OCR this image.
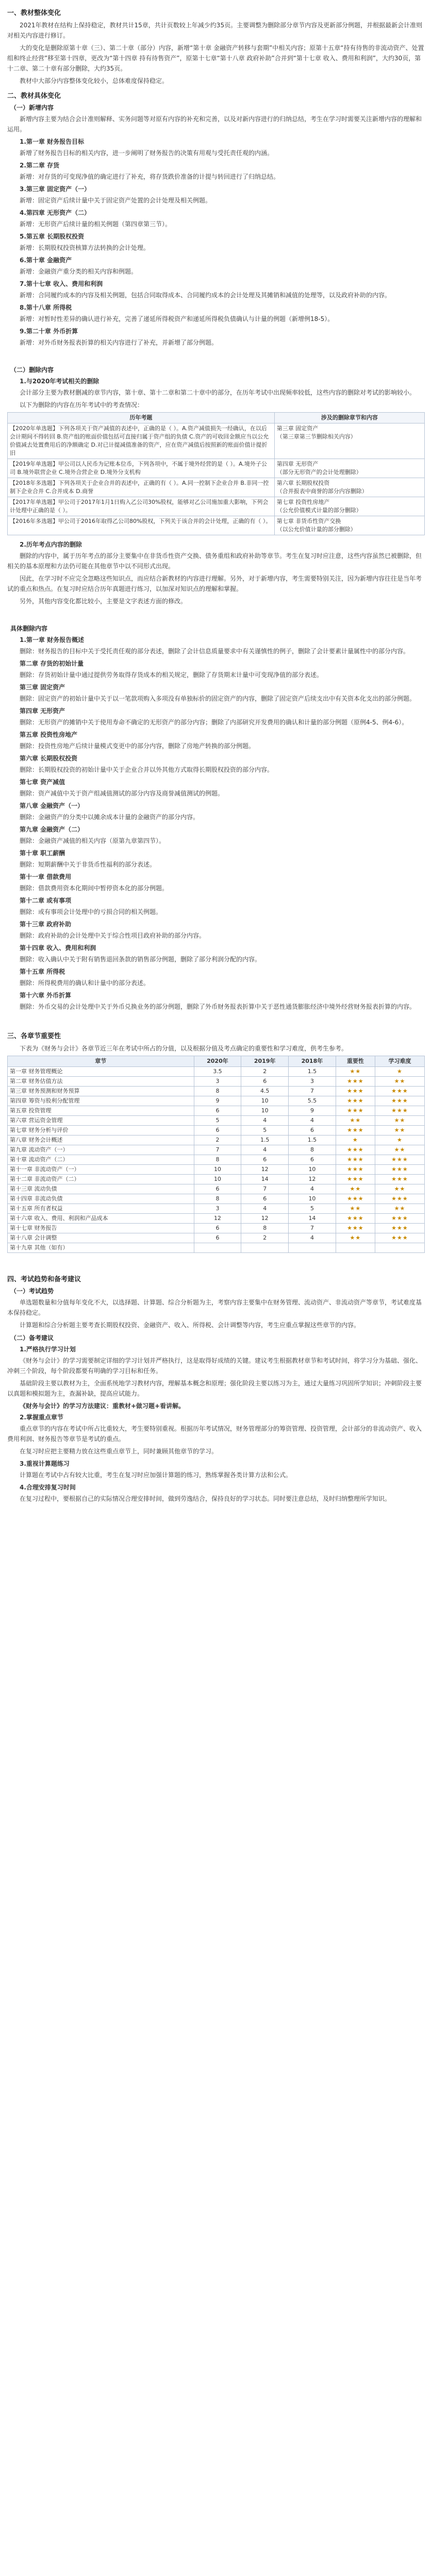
一、教材整体变化

2021年教材在结构上保持稳定，教材共计15章，共计页数较上年减少约35页。主要调整为删除部分章节内容及更新部分例题，并根据最新会计准则对相关内容进行修订。

大的变化是删除原第十章（三）、第二十章（部分）内容，新增“第十章 金融资产转移与套期”中相关内容；原第十五章“持有待售的非流动资产、处置组和终止经营”移至第十四章，更改为“第十四章 持有待售资产”，原第十七章“第十八章 政府补助”合并到“第十七章 收入、费用和利润”，大约30页，第十二章、第二十章有部分删除，大约35页。

教材中大部分内容整体变化较小，总体难度保持稳定。

二、教材具体变化
（一）新增内容

新增内容主要为结合会计准则解释、实务问题等对原有内容的补充和完善，以及对新内容进行的归纳总结，考生在学习时需要关注新增内容的理解和运用。

1.第一章 财务报告目标

新增了财务报告目标的相关内容，进一步阐明了财务报告的决策有用观与受托责任观的内涵。

2.第二章 存货

新增：对存货的可变现净值的确定进行了补充，将存货跌价准备的计提与转回进行了归纳总结。

3.第三章 固定资产（一）

新增：固定资产后续计量中关于固定资产处置的会计处理及相关例题。

4.第四章 无形资产（二）

新增：无形资产后续计量的相关例题（第四章第三节）。

5.第五章 长期股权投资

新增：长期股权投资核算方法转换的会计处理。

6.第十章 金融资产

新增：金融资产重分类的相关内容和例题。

7.第十七章 收入、费用和利润

新增：合同履约成本的内容及相关例题，包括合同取得成本、合同履约成本的会计处理及其摊销和减值的处理等，以及政府补助的内容。

8.第十八章 所得税

新增：对暂时性差异的确认进行补充，完善了递延所得税资产和递延所得税负债确认与计量的例题（新增例18-5）。

9.第二十章 外币折算

新增：对外币财务报表折算的相关内容进行了补充，并新增了部分例题。

（二）删除内容
1.与2020年考试相关的删除

会计部分主要为教材删减的章节内容，第十章、第十二章和第二十章中的部分，在历年考试中出现频率较低，这些内容的删除对考试的影响较小。

以下为删除的内容在历年考试中的考查情况：

历年考题	涉及的删除章节和内容
【2020年单选题】下列各项关于资产减值的表述中，正确的是（ ）。A.资产减值损失一经确认，在以后会计期间不得转回 B.资产组的账面价值包括可直接归属于资产组的负债 C.资产的可收回金额应当以公允价值减去处置费用后的净额确定 D.对已计提减值准备的资产，应在资产减值后按照新的账面价值计提折旧	第三章 固定资产
（第三章第三节删除相关内容）
【2019年单选题】甲公司以人民币为记账本位币，下列各项中，不属于境外经营的是（ ）。A.境外子公司 B.境外联营企业 C.境外合营企业 D.境外分支机构	第四章 无形资产
（部分无形资产的会计处理删除）
【2018年多选题】下列各项关于企业合并的表述中，正确的有（ ）。A.同一控制下企业合并 B.非同一控制下企业合并 C.合并成本 D.商誉	第六章 长期股权投资
（合并报表中商誉的部分内容删除）
【2017年单选题】甲公司于2017年1月1日购入乙公司30%股权，能够对乙公司施加重大影响，下列会计处理中正确的是（ ）。	第七章 投资性房地产
（公允价值模式计量的部分删除）
【2016年多选题】甲公司于2016年取得乙公司80%股权，下列关于该合并的会计处理，正确的有（ ）。	第七章 非货币性资产交换
（以公允价值计量的部分删除）
2.历年考点内容的删除

删除的内容中，属于历年考点的部分主要集中在非货币性资产交换、债务重组和政府补助等章节。考生在复习时应注意，这些内容虽然已被删除，但相关的基本原理和方法仍可能在其他章节中以不同形式出现。

因此，在学习时不应完全忽略这些知识点，而应结合新教材的内容进行理解。另外，对于新增内容，考生需要特别关注，因为新增内容往往是当年考试的重点和热点。在复习时应结合历年真题进行练习，以加深对知识点的理解和掌握。

另外，其他内容变化都比较小，主要是文字表述方面的修改。

具体删除内容
1.第一章 财务报告概述

删除：财务报告的目标中关于受托责任观的部分表述，删除了会计信息质量要求中有关谨慎性的例子，删除了会计要素计量属性中的部分内容。

第二章 存货的初始计量

删除：存货初始计量中通过提供劳务取得存货成本的相关规定，删除了存货期末计量中可变现净值的部分表述。

第三章 固定资产

删除：固定资产的初始计量中关于以一笔款项购入多项没有单独标价的固定资产的内容，删除了固定资产后续支出中有关资本化支出的部分例题。

第四章 无形资产

删除：无形资产的摊销中关于使用寿命不确定的无形资产的部分内容；删除了内部研究开发费用的确认和计量的部分例题（原例4-5、例4-6）。

第五章 投资性房地产

删除：投资性房地产后续计量模式变更中的部分内容，删除了房地产转换的部分例题。

第六章 长期股权投资

删除：长期股权投资的初始计量中关于企业合并以外其他方式取得长期股权投资的部分内容。

第七章 资产减值

删除：资产减值中关于资产组减值测试的部分内容及商誉减值测试的例题。

第八章 金融资产（一）

删除：金融资产的分类中以摊余成本计量的金融资产的部分内容。

第九章 金融资产（二）

删除：金融资产减值的相关内容（原第九章第四节）。

第十章 职工薪酬

删除：短期薪酬中关于非货币性福利的部分表述。

第十一章 借款费用

删除：借款费用资本化期间中暂停资本化的部分例题。

第十二章 或有事项

删除：或有事项会计处理中的亏损合同的相关例题。

第十三章 政府补助

删除：政府补助的会计处理中关于综合性项目政府补助的部分内容。

第十四章 收入、费用和利润

删除：收入确认中关于附有销售退回条款的销售部分例题，删除了部分利润分配的内容。

第十五章 所得税

删除：所得税费用的确认和计量中的部分表述。

第十六章 外币折算

删除：外币交易的会计处理中关于外币兑换业务的部分例题，删除了外币财务报表折算中关于恶性通货膨胀经济中境外经营财务报表折算的内容。

三、各章节重要性

下表为《财务与会计》各章节近三年在考试中所占的分值，以及根据分值及考点确定的重要性和学习难度，供考生参考。

章节	2020年	2019年	2018年	重要性	学习难度
第一章 财务管理概论	3.5	2	1.5	★★	★
第二章 财务估值方法	3	6	3	★★★	★★
第三章 财务预测和财务预算	8	4.5	7	★★★	★★★
第四章 筹资与股利分配管理	9	10	5.5	★★★	★★★
第五章 投资管理	6	10	9	★★★	★★★
第六章 营运资金管理	5	4	4	★★	★★
第七章 财务分析与评价	6	5	6	★★★	★★
第八章 财务会计概述	2	1.5	1.5	★	★
第九章 流动资产（一）	7	4	8	★★★	★★
第十章 流动资产（二）	8	6	6	★★★	★★★
第十一章 非流动资产（一）	10	12	10	★★★	★★★
第十二章 非流动资产（二）	10	14	12	★★★	★★★
第十三章 流动负债	6	7	4	★★	★★
第十四章 非流动负债	8	6	10	★★★	★★★
第十五章 所有者权益	3	4	5	★★	★★
第十六章 收入、费用、利润和产品成本	12	12	14	★★★	★★★
第十七章 财务报告	6	8	7	★★★	★★★
第十八章 会计调整	6	2	4	★★	★★★
第十九章 其他（如有）					
四、考试趋势和备考建议
（一）考试趋势

单选题数量和分值每年变化不大，以选择题、计算题、综合分析题为主，考察内容主要集中在财务管理、流动资产、非流动资产等章节，考试难度基本保持稳定。

计算题和综合分析题主要考查长期股权投资、金融资产、收入、所得税、会计调整等内容，考生应重点掌握这些章节的内容。

（二）备考建议
1.严格执行学习计划

《财务与会计》的学习需要制定详细的学习计划并严格执行，这是取得好成绩的关键。建议考生根据教材章节和考试时间，将学习分为基础、强化、冲刺三个阶段，每个阶段都要有明确的学习目标和任务。

基础阶段主要以教材为主，全面系统地学习教材内容，理解基本概念和原理；强化阶段主要以练习为主，通过大量练习巩固所学知识；冲刺阶段主要以真题和模拟题为主，查漏补缺，提高应试能力。

《财务与会计》的学习方法建议：重教材+做习题+看讲解。
2.掌握重点章节

重点章节的内容在考试中所占比重较大，考生要特别重视。根据历年考试情况，财务管理部分的筹资管理、投资管理，会计部分的非流动资产、收入费用利润、财务报告等章节是考试的重点。

在复习时应把主要精力放在这些重点章节上，同时兼顾其他章节的学习。

3.重视计算题练习

计算题在考试中占有较大比重，考生在复习时应加强计算题的练习，熟练掌握各类计算方法和公式。

4.合理安排复习时间

在复习过程中，要根据自己的实际情况合理安排时间，做到劳逸结合，保持良好的学习状态。同时要注意总结，及时归纳整理所学知识。
